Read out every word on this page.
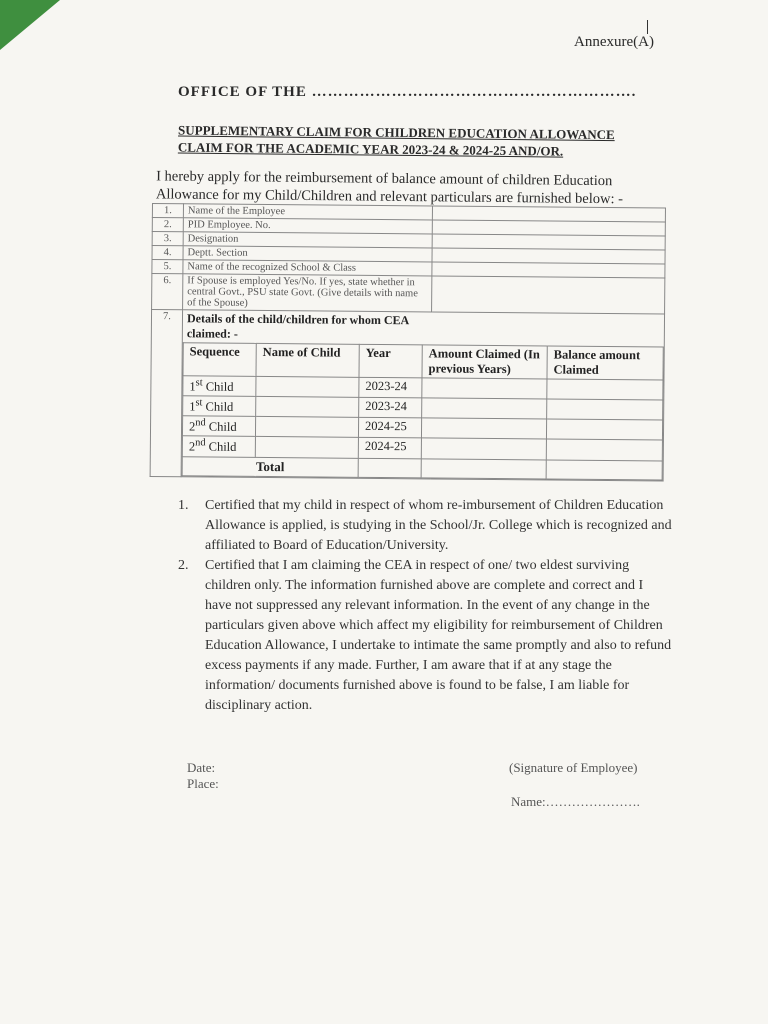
Annexure(A)
OFFICE OF THE …………………………………………………….
SUPPLEMENTARY CLAIM FOR CHILDREN EDUCATION ALLOWANCE
CLAIM FOR THE ACADEMIC YEAR 2023-24 & 2024-25 AND/OR.
I hereby apply for the reimbursement of balance amount of children Education Allowance for my Child/Children and relevant particulars are furnished below: -
1.	Name of the Employee	
2.	PID Employee. No.	
3.	Designation	
4.	Deptt. Section	
5.	Name of the recognized School & Class	
6.	If Spouse is employed Yes/No. If yes, state whether in central Govt., PSU state Govt. (Give details with name of the Spouse)	
7.	Details of the child/children for whom CEA claimed: -
Sequence	Name of Child	Year	Amount Claimed (In previous Years)	Balance amount Claimed
1st Child		2023-24		
1st Child		2023-24		
2nd Child		2024-25		
2nd Child		2024-25		
Total			
1.	Certified that my child in respect of whom re-imbursement of Children Education Allowance is applied, is studying in the School/Jr. College which is recognized and affiliated to Board of Education/University.
2.	Certified that I am claiming the CEA in respect of one/ two eldest surviving children only. The information furnished above are complete and correct and I have not suppressed any relevant information. In the event of any change in the particulars given above which affect my eligibility for reimbursement of Children Education Allowance, I undertake to intimate the same promptly and also to refund excess payments if any made. Further, I am aware that if at any stage the information/ documents furnished above is found to be false, I am liable for disciplinary action.
Date:
Place:
(Signature of Employee)
Name:………………….
